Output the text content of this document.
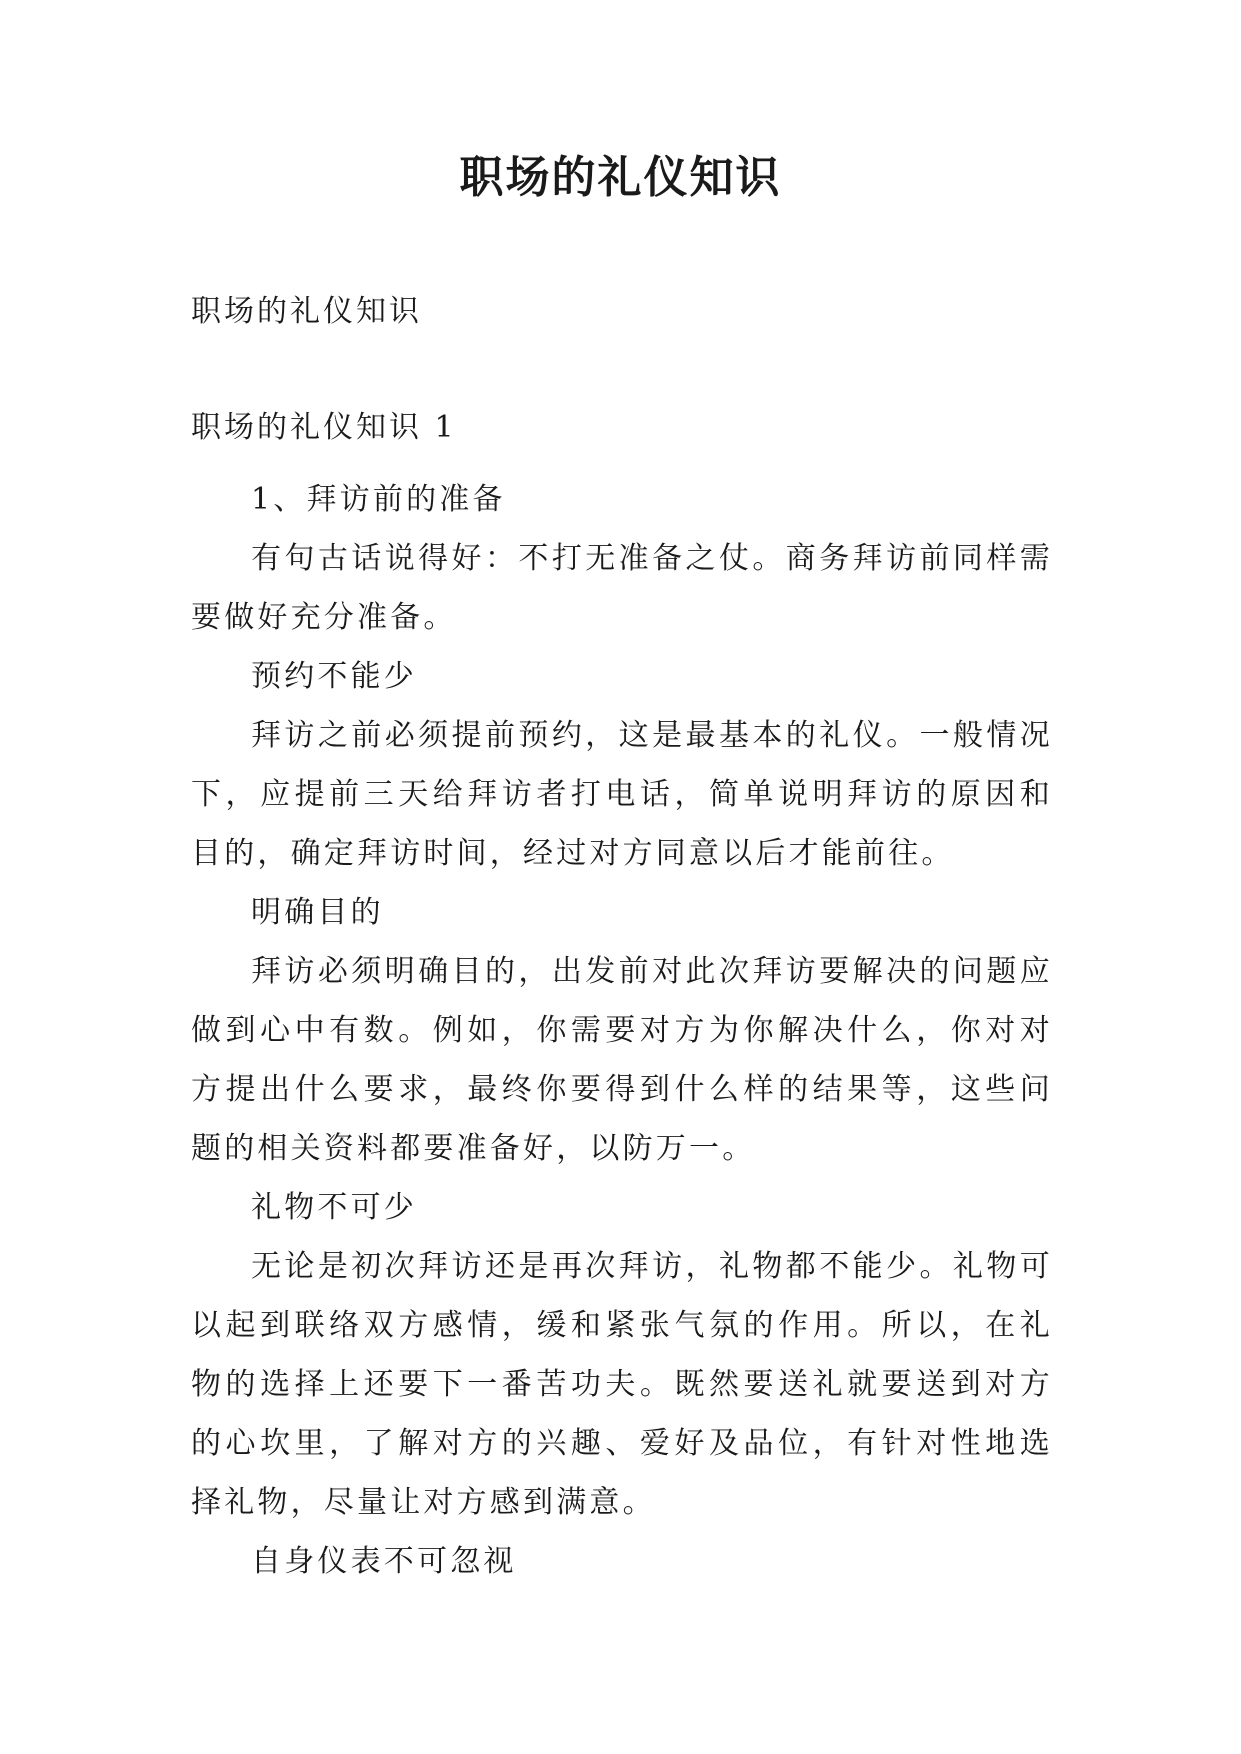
职场的礼仪知识
职场的礼仪知识
职场的礼仪知识 1

1、拜访前的准备

有句古话说得好：不打无准备之仗。商务拜访前同样需要做好充分准备。

预约不能少

拜访之前必须提前预约，这是最基本的礼仪。一般情况下，应提前三天给拜访者打电话，简单说明拜访的原因和目的，确定拜访时间，经过对方同意以后才能前往。

明确目的

拜访必须明确目的，出发前对此次拜访要解决的问题应做到心中有数。例如，你需要对方为你解决什么，你对对方提出什么要求，最终你要得到什么样的结果等，这些问题的相关资料都要准备好，以防万一。

礼物不可少

无论是初次拜访还是再次拜访，礼物都不能少。礼物可以起到联络双方感情，缓和紧张气氛的作用。所以，在礼物的选择上还要下一番苦功夫。既然要送礼就要送到对方的心坎里，了解对方的兴趣、爱好及品位，有针对性地选择礼物，尽量让对方感到满意。

自身仪表不可忽视
